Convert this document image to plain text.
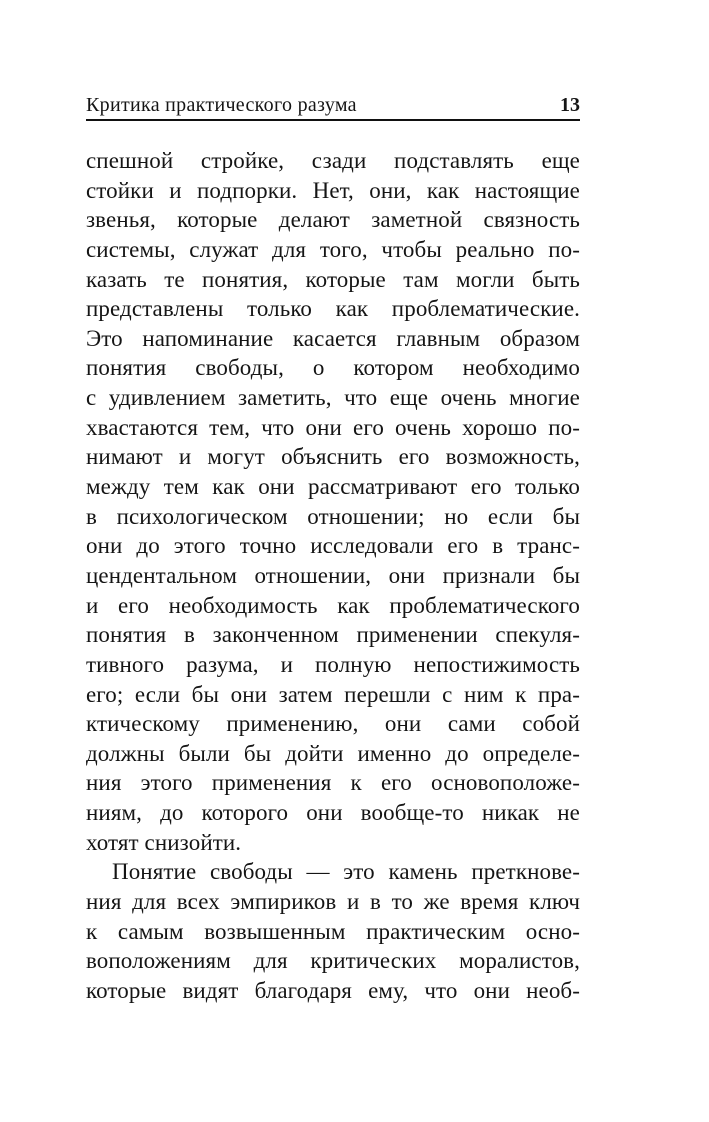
Критика практического разума	13
спешной стройке, сзади подставлять еще
стойки и подпорки. Нет, они, как настоящие
звенья, которые делают заметной связность
системы, служат для того, чтобы реально по-
казать те понятия, которые там могли быть
представлены только как проблематические.
Это напоминание касается главным образом
понятия свободы, о котором необходимо
с удивлением заметить, что еще очень многие
хвастаются тем, что они его очень хорошо по-
нимают и могут объяснить его возможность,
между тем как они рассматривают его только
в психологическом отношении; но если бы
они до этого точно исследовали его в транс-
цендентальном отношении, они признали бы
и его необходимость как проблематического
понятия в законченном применении спекуля-
тивного разума, и полную непостижимость
его; если бы они затем перешли с ним к пра-
ктическому применению, они сами собой
должны были бы дойти именно до определе-
ния этого применения к его основоположе-
ниям, до которого они вообще-то никак не
хотят снизойти.
Понятие свободы — это камень преткнове-
ния для всех эмпириков и в то же время ключ
к самым возвышенным практическим осно-
воположениям для критических моралистов,
которые видят благодаря ему, что они необ-
